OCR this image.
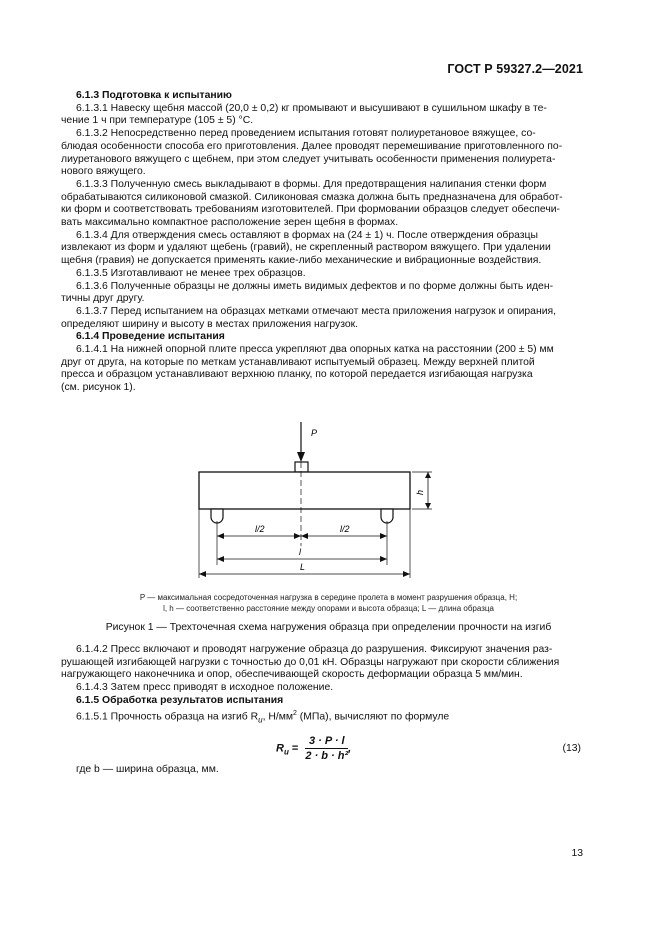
ГОСТ Р 59327.2—2021

6.1.3 Подготовка к испытанию

6.1.3.1 Навеску щебня массой (20,0 ± 0,2) кг промывают и высушивают в сушильном шкафу в те-

чение 1 ч при температуре (105 ± 5) °С.

6.1.3.2 Непосредственно перед проведением испытания готовят полиуретановое вяжущее, со-

блюдая особенности способа его приготовления. Далее проводят перемешивание приготовленного по-

лиуретанового вяжущего с щебнем, при этом следует учитывать особенности применения полиурета-

нового вяжущего.

6.1.3.3 Полученную смесь выкладывают в формы. Для предотвращения налипания стенки форм

обрабатываются силиконовой смазкой. Силиконовая смазка должна быть предназначена для обработ-

ки форм и соответствовать требованиям изготовителей. При формовании образцов следует обеспечи-

вать максимально компактное расположение зерен щебня в формах.

6.1.3.4 Для отверждения смесь оставляют в формах на (24 ± 1) ч. После отверждения образцы

извлекают из форм и удаляют щебень (гравий), не скрепленный раствором вяжущего. При удалении

щебня (гравия) не допускается применять какие-либо механические и вибрационные воздействия.

6.1.3.5 Изготавливают не менее трех образцов.

6.1.3.6 Полученные образцы не должны иметь видимых дефектов и по форме должны быть иден-

тичны друг другу.

6.1.3.7 Перед испытанием на образцах метками отмечают места приложения нагрузок и опирания,

определяют ширину и высоту в местах приложения нагрузок.

6.1.4 Проведение испытания

6.1.4.1 На нижней опорной плите пресса укрепляют два опорных катка на расстоянии (200 ± 5) мм

друг от друга, на которые по меткам устанавливают испытуемый образец. Между верхней плитой

пресса и образцом устанавливают верхнюю планку, по которой передается изгибающая нагрузка

(см. рисунок 1).

P
h
l/2	l/2
l
L
P — максимальная сосредоточенная нагрузка в середине пролета в момент разрушения образца, Н;
l, h — соответственно расстояние между опорами и высота образца; L — длина образца
Рисунок 1 — Трехточечная схема нагружения образца при определении прочности на изгиб

6.1.4.2 Пресс включают и проводят нагружение образца до разрушения. Фиксируют значения раз-

рушающей изгибающей нагрузки с точностью до 0,01 кН. Образцы нагружают при скорости сближения

нагружающего наконечника и опор, обеспечивающей скорость деформации образца 5 мм/мин.

6.1.4.3 Затем пресс приводят в исходное положение.

6.1.5 Обработка результатов испытания

6.1.5.1 Прочность образца на изгиб $R_u$, $Н/мм^2$ (МПа), вычисляют по формуле

$R_u = \frac{3 \cdot P \cdot l}{\text{2 · b · h²}}$ ,	(13)
где b — ширина образца, мм.
13
